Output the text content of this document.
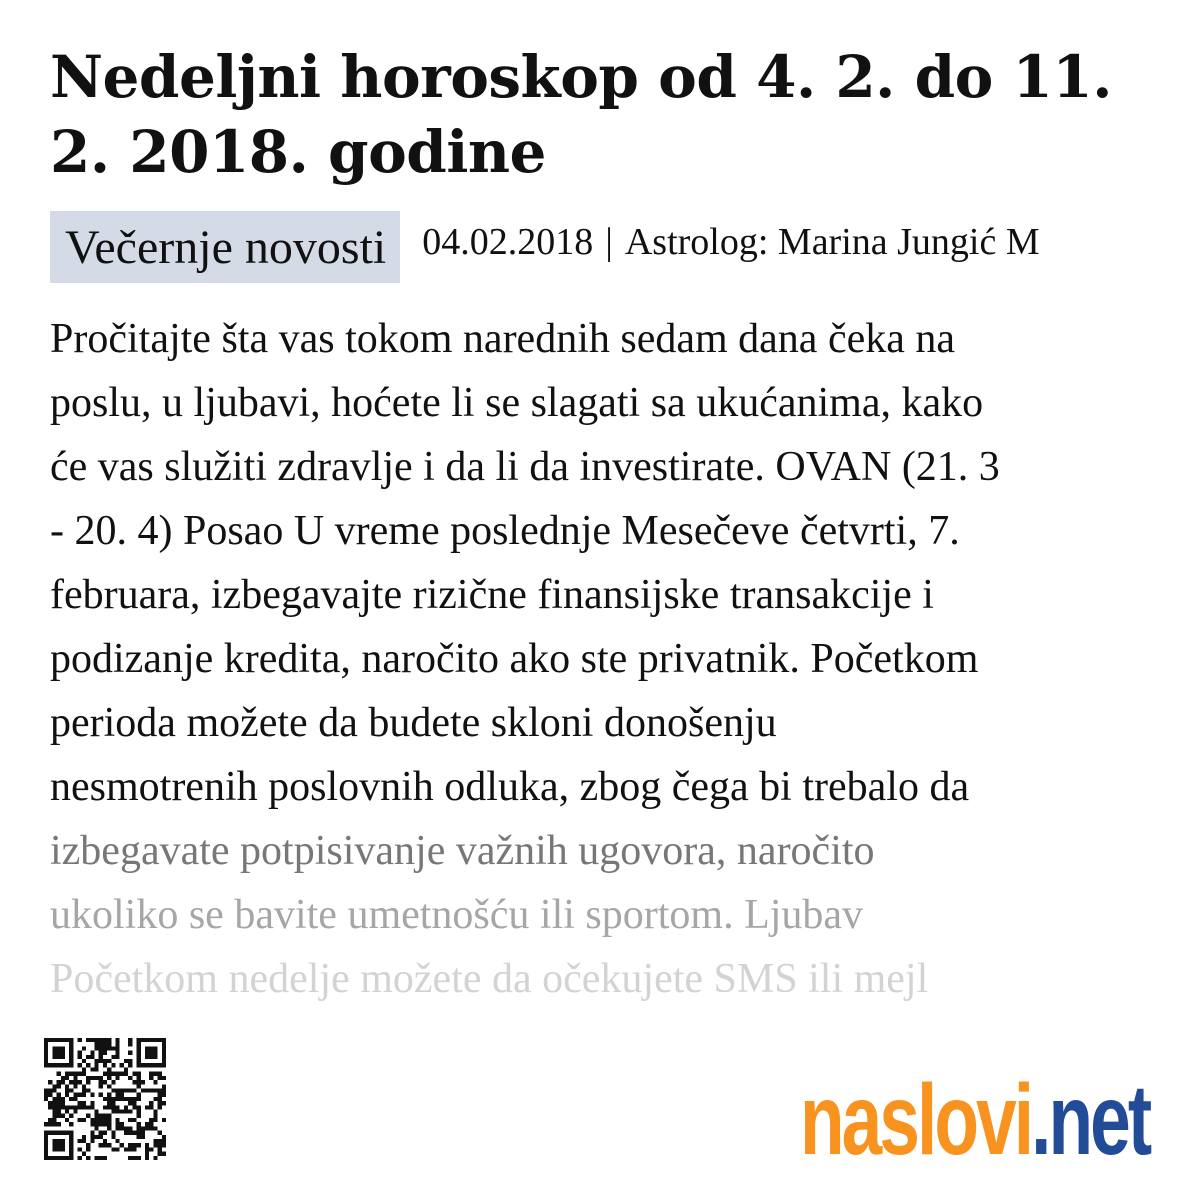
Nedeljni horoskop od 4. 2. do 11. 2. 2018. godine
Večernje novosti 04.02.2018 | Astrolog: Marina Jungić M

Pročitajte šta vas tokom narednih sedam dana čeka na
poslu, u ljubavi, hoćete li se slagati sa ukućanima, kako
će vas služiti zdravlje i da li da investirate. OVAN (21. 3
- 20. 4) Posao U vreme poslednje Mesečeve četvrti, 7.
februara, izbegavajte rizične finansijske transakcije i
podizanje kredita, naročito ako ste privatnik. Početkom
perioda možete da budete skloni donošenju
nesmotrenih poslovnih odluka, zbog čega bi trebalo da
izbegavate potpisivanje važnih ugovora, naročito
ukoliko se bavite umetnošću ili sportom. Ljubav
Početkom nedelje možete da očekujete SMS ili mejl

naslovi .net
